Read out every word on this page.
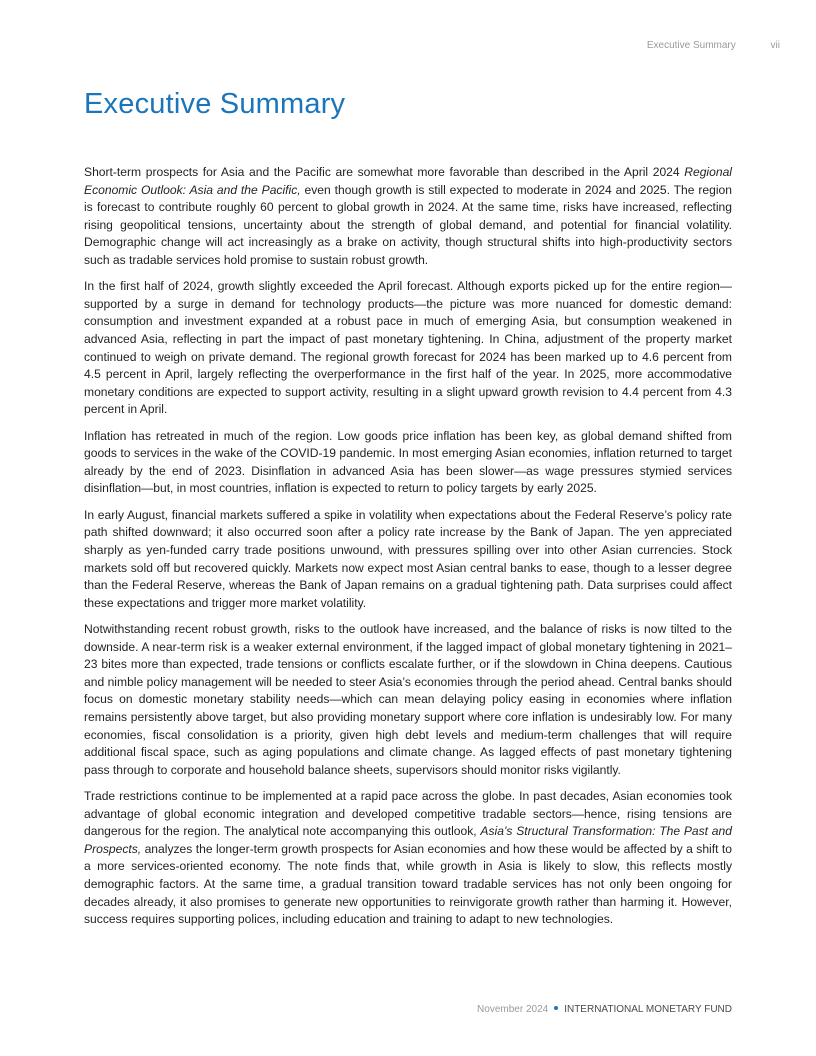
Executive Summary	vii
Executive Summary

Short-term prospects for Asia and the Pacific are somewhat more favorable than described in the April 2024 Regional Economic Outlook: Asia and the Pacific, even though growth is still expected to moderate in 2024 and 2025. The region is forecast to contribute roughly 60 percent to global growth in 2024. At the same time, risks have increased, reflecting rising geopolitical tensions, uncertainty about the strength of global demand, and potential for financial volatility. Demographic change will act increasingly as a brake on activity, though structural shifts into high-productivity sectors such as tradable services hold promise to sustain robust growth.

In the first half of 2024, growth slightly exceeded the April forecast. Although exports picked up for the entire region—supported by a surge in demand for technology products—the picture was more nuanced for domestic demand: consumption and investment expanded at a robust pace in much of emerging Asia, but consumption weakened in advanced Asia, reflecting in part the impact of past monetary tightening. In China, adjustment of the property market continued to weigh on private demand. The regional growth forecast for 2024 has been marked up to 4.6 percent from 4.5 percent in April, largely reflecting the overperformance in the first half of the year. In 2025, more accommodative monetary conditions are expected to support activity, resulting in a slight upward growth revision to 4.4 percent from 4.3 percent in April.

Inflation has retreated in much of the region. Low goods price inflation has been key, as global demand shifted from goods to services in the wake of the COVID-19 pandemic. In most emerging Asian economies, inflation returned to target already by the end of 2023. Disinflation in advanced Asia has been slower—as wage pressures stymied services disinflation—but, in most countries, inflation is expected to return to policy targets by early 2025.

In early August, financial markets suffered a spike in volatility when expectations about the Federal Reserve’s policy rate path shifted downward; it also occurred soon after a policy rate increase by the Bank of Japan. The yen appreciated sharply as yen-funded carry trade positions unwound, with pressures spilling over into other Asian currencies. Stock markets sold off but recovered quickly. Markets now expect most Asian central banks to ease, though to a lesser degree than the Federal Reserve, whereas the Bank of Japan remains on a gradual tightening path. Data surprises could affect these expectations and trigger more market volatility.

Notwithstanding recent robust growth, risks to the outlook have increased, and the balance of risks is now tilted to the downside. A near-term risk is a weaker external environment, if the lagged impact of global monetary tightening in 2021–23 bites more than expected, trade tensions or conflicts escalate further, or if the slowdown in China deepens. Cautious and nimble policy management will be needed to steer Asia’s economies through the period ahead. Central banks should focus on domestic monetary stability needs—which can mean delaying policy easing in economies where inflation remains persistently above target, but also providing monetary support where core inflation is undesirably low. For many economies, fiscal consolidation is a priority, given high debt levels and medium-term challenges that will require additional fiscal space, such as aging populations and climate change. As lagged effects of past monetary tightening pass through to corporate and household balance sheets, supervisors should monitor risks vigilantly.

Trade restrictions continue to be implemented at a rapid pace across the globe. In past decades, Asian economies took advantage of global economic integration and developed competitive tradable sectors—hence, rising tensions are dangerous for the region. The analytical note accompanying this outlook, Asia’s Structural Transformation: The Past and Prospects, analyzes the longer-term growth prospects for Asian economies and how these would be affected by a shift to a more services-oriented economy. The note finds that, while growth in Asia is likely to slow, this reflects mostly demographic factors. At the same time, a gradual transition toward tradable services has not only been ongoing for decades already, it also promises to generate new opportunities to reinvigorate growth rather than harming it. However, success requires supporting polices, including education and training to adapt to new technologies.

November 2024 INTERNATIONAL MONETARY FUND
